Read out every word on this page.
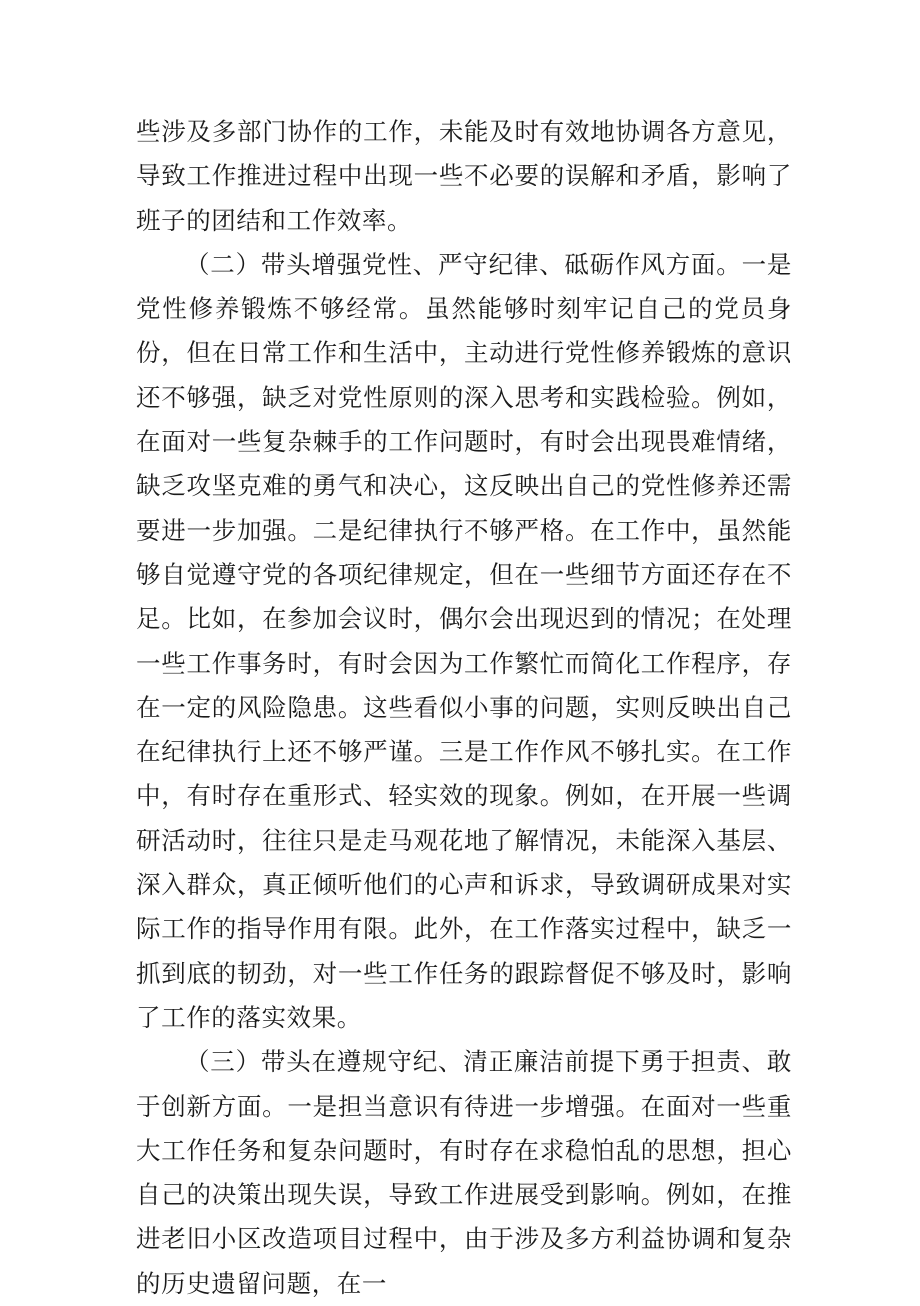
些涉及多部门协作的工作，未能及时有效地协调各方意见，导致工作推进过程中出现一些不必要的误解和矛盾，影响了班子的团结和工作效率。

（二）带头增强党性、严守纪律、砥砺作风方面。一是党性修养锻炼不够经常。虽然能够时刻牢记自己的党员身份，但在日常工作和生活中，主动进行党性修养锻炼的意识还不够强，缺乏对党性原则的深入思考和实践检验。例如，在面对一些复杂棘手的工作问题时，有时会出现畏难情绪，缺乏攻坚克难的勇气和决心，这反映出自己的党性修养还需要进一步加强。二是纪律执行不够严格。在工作中，虽然能够自觉遵守党的各项纪律规定，但在一些细节方面还存在不足。比如，在参加会议时，偶尔会出现迟到的情况；在处理一些工作事务时，有时会因为工作繁忙而简化工作程序，存在一定的风险隐患。这些看似小事的问题，实则反映出自己在纪律执行上还不够严谨。三是工作作风不够扎实。在工作中，有时存在重形式、轻实效的现象。例如，在开展一些调研活动时，往往只是走马观花地了解情况，未能深入基层、深入群众，真正倾听他们的心声和诉求，导致调研成果对实际工作的指导作用有限。此外，在工作落实过程中，缺乏一抓到底的韧劲，对一些工作任务的跟踪督促不够及时，影响了工作的落实效果。

（三）带头在遵规守纪、清正廉洁前提下勇于担责、敢于创新方面。一是担当意识有待进一步增强。在面对一些重大工作任务和复杂问题时，有时存在求稳怕乱的思想，担心自己的决策出现失误，导致工作进展受到影响。例如，在推进老旧小区改造项目过程中，由于涉及多方利益协调和复杂的历史遗留问题，在一
